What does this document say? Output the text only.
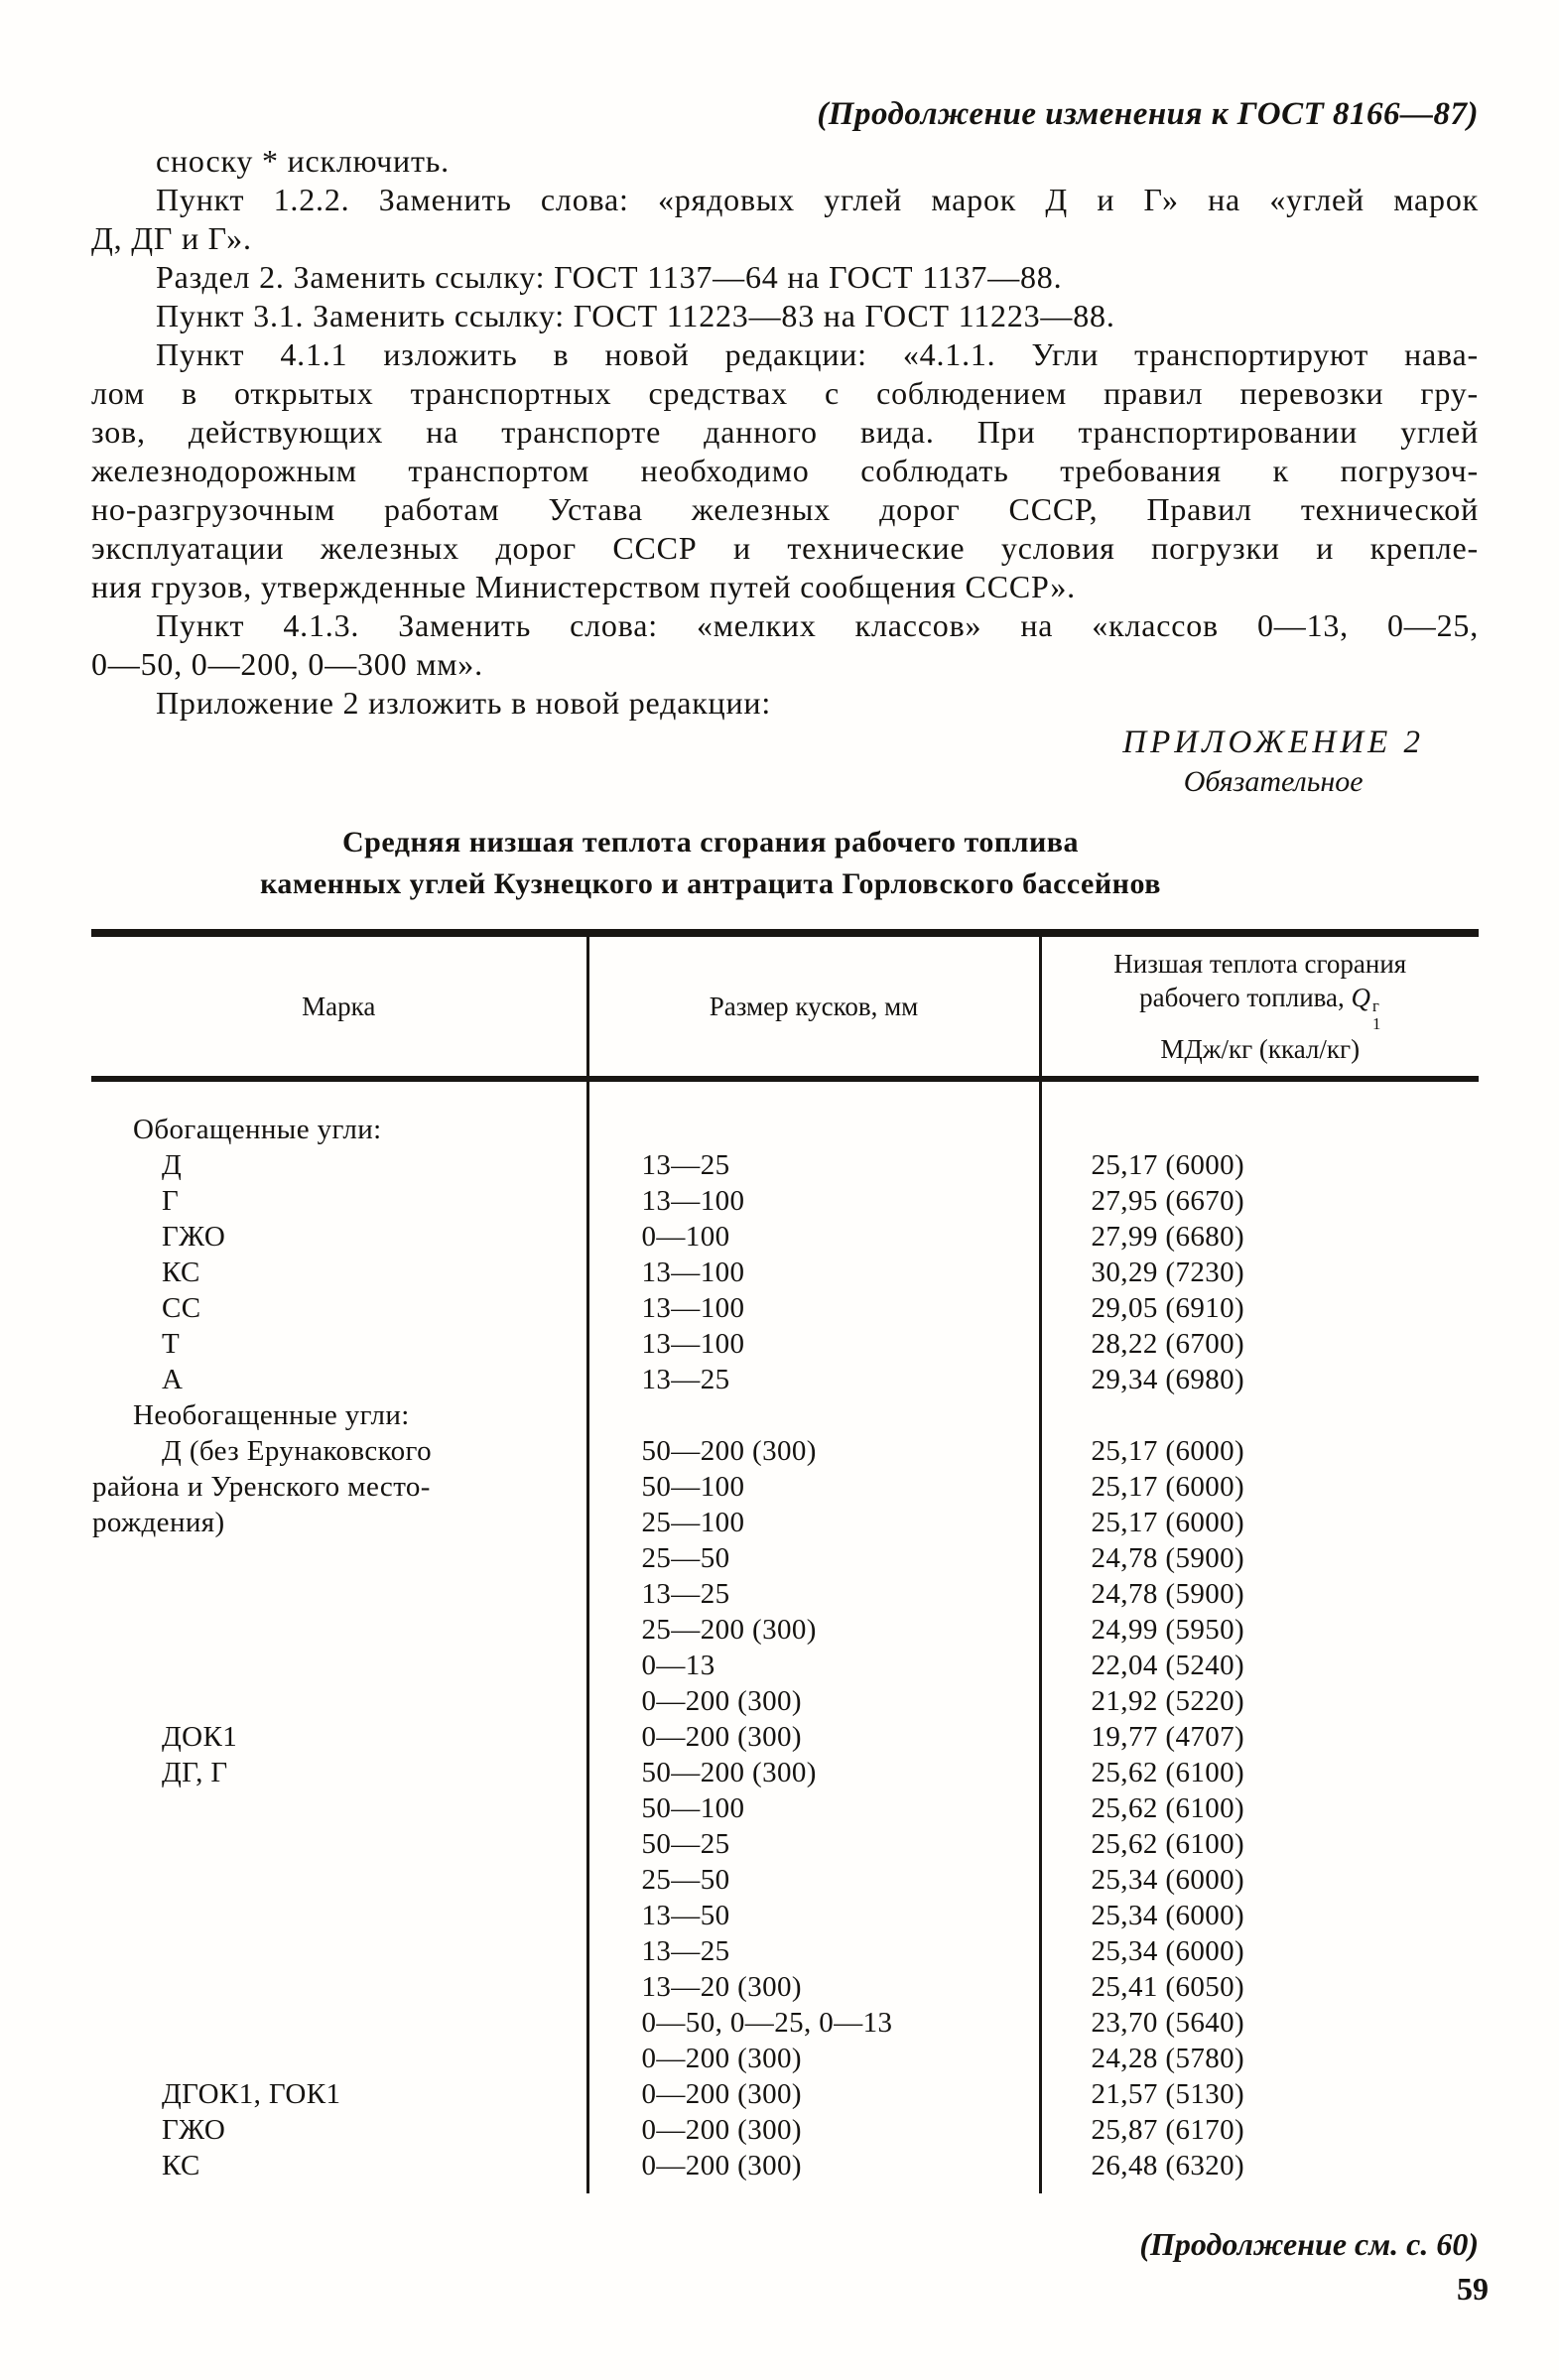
(Продолжение изменения к ГОСТ 8166—87)
сноску * исключить.
Пункт 1.2.2. Заменить слова: «рядовых углей марок Д и Г» на «углей марок
Д, ДГ и Г».
Раздел 2. Заменить ссылку: ГОСТ 1137—64 на ГОСТ 1137—88.
Пункт 3.1. Заменить ссылку: ГОСТ 11223—83 на ГОСТ 11223—88.
Пункт 4.1.1 изложить в новой редакции: «4.1.1. Угли транспортируют нава-
лом в открытых транспортных средствах с соблюдением правил перевозки гру-
зов, действующих на транспорте данного вида. При транспортировании углей
железнодорожным транспортом необходимо соблюдать требования к погрузоч-
но-разгрузочным работам Устава железных дорог СССР, Правил технической
эксплуатации железных дорог СССР и технические условия погрузки и крепле-
ния грузов, утвержденные Министерством путей сообщения СССР».
Пункт 4.1.3. Заменить слова: «мелких классов» на «классов 0—13, 0—25,
0—50, 0—200, 0—300 мм».
Приложение 2 изложить в новой редакции:
ПРИЛОЖЕНИЕ 2
Обязательное
Средняя низшая теплота сгорания рабочего топлива
каменных углей Кузнецкого и антрацита Горловского бассейнов
Марка	Размер кусков, мм	Низшая теплота сгорания
рабочего топлива, Q г
1
МДж/кг (ккал/кг)

Обогащенные угли:		
Д	13—25	25,17 (6000)
Г	13—100	27,95 (6670)
ГЖО	0—100	27,99 (6680)
КС	13—100	30,29 (7230)
СС	13—100	29,05 (6910)
Т	13—100	28,22 (6700)
А	13—25	29,34 (6980)
Необогащенные угли:		
Д (без Ерунаковского	50—200 (300)	25,17 (6000)
района и Уренского место-	50—100	25,17 (6000)
рождения)	25—100	25,17 (6000)
	25—50	24,78 (5900)
	13—25	24,78 (5900)
	25—200 (300)	24,99 (5950)
	0—13	22,04 (5240)
	0—200 (300)	21,92 (5220)
ДОК1	0—200 (300)	19,77 (4707)
ДГ, Г	50—200 (300)	25,62 (6100)
	50—100	25,62 (6100)
	50—25	25,62 (6100)
	25—50	25,34 (6000)
	13—50	25,34 (6000)
	13—25	25,34 (6000)
	13—20 (300)	25,41 (6050)
	0—50, 0—25, 0—13	23,70 (5640)
	0—200 (300)	24,28 (5780)
ДГОК1, ГОК1	0—200 (300)	21,57 (5130)
ГЖО	0—200 (300)	25,87 (6170)
КС	0—200 (300)	26,48 (6320)

(Продолжение см. с. 60)
59
